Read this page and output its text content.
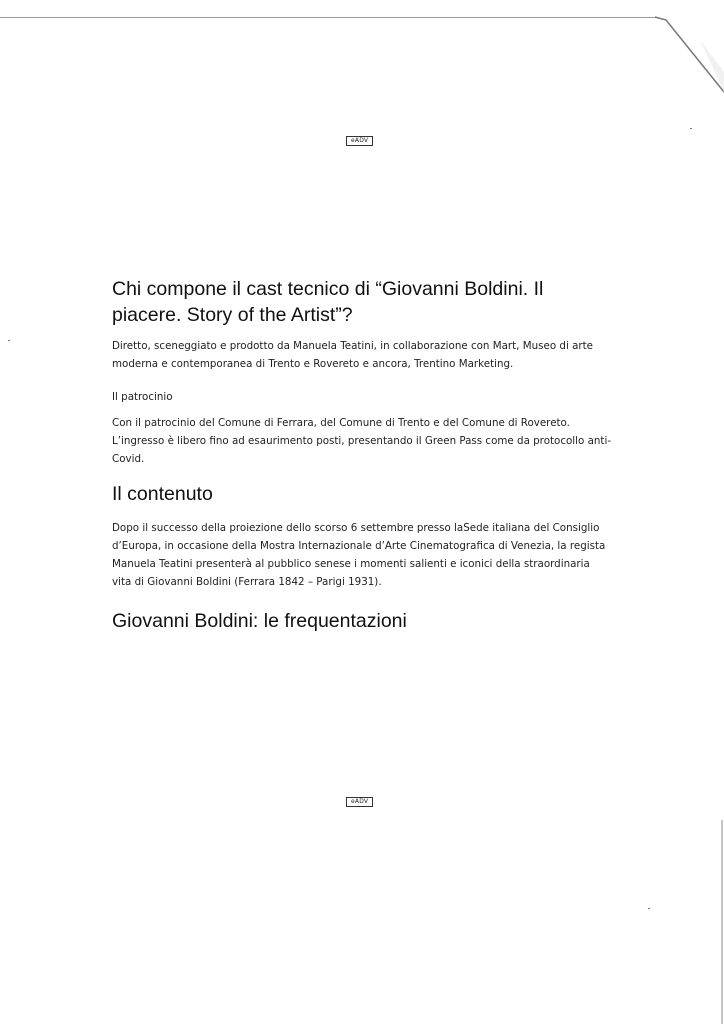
eADV
Chi compone il cast tecnico di “Giovanni Boldini. Il piacere. Story of the Artist”?

Diretto, sceneggiato e prodotto da Manuela Teatini, in collaborazione con Mart, Museo di arte moderna e contemporanea di Trento e Rovereto e ancora, Trentino Marketing.

Il patrocinio

Con il patrocinio del Comune di Ferrara, del Comune di Trento e del Comune di Rovereto. L’ingresso è libero fino ad esaurimento posti, presentando il Green Pass come da protocollo anti-Covid.

Il contenuto

Dopo il successo della proiezione dello scorso 6 settembre presso laSede italiana del Consiglio d’Europa, in occasione della Mostra Internazionale d’Arte Cinematografica di Venezia, la regista Manuela Teatini presenterà al pubblico senese i momenti salienti e iconici della straordinaria vita di Giovanni Boldini (Ferrara 1842 – Parigi 1931).

Giovanni Boldini: le frequentazioni
eADV
